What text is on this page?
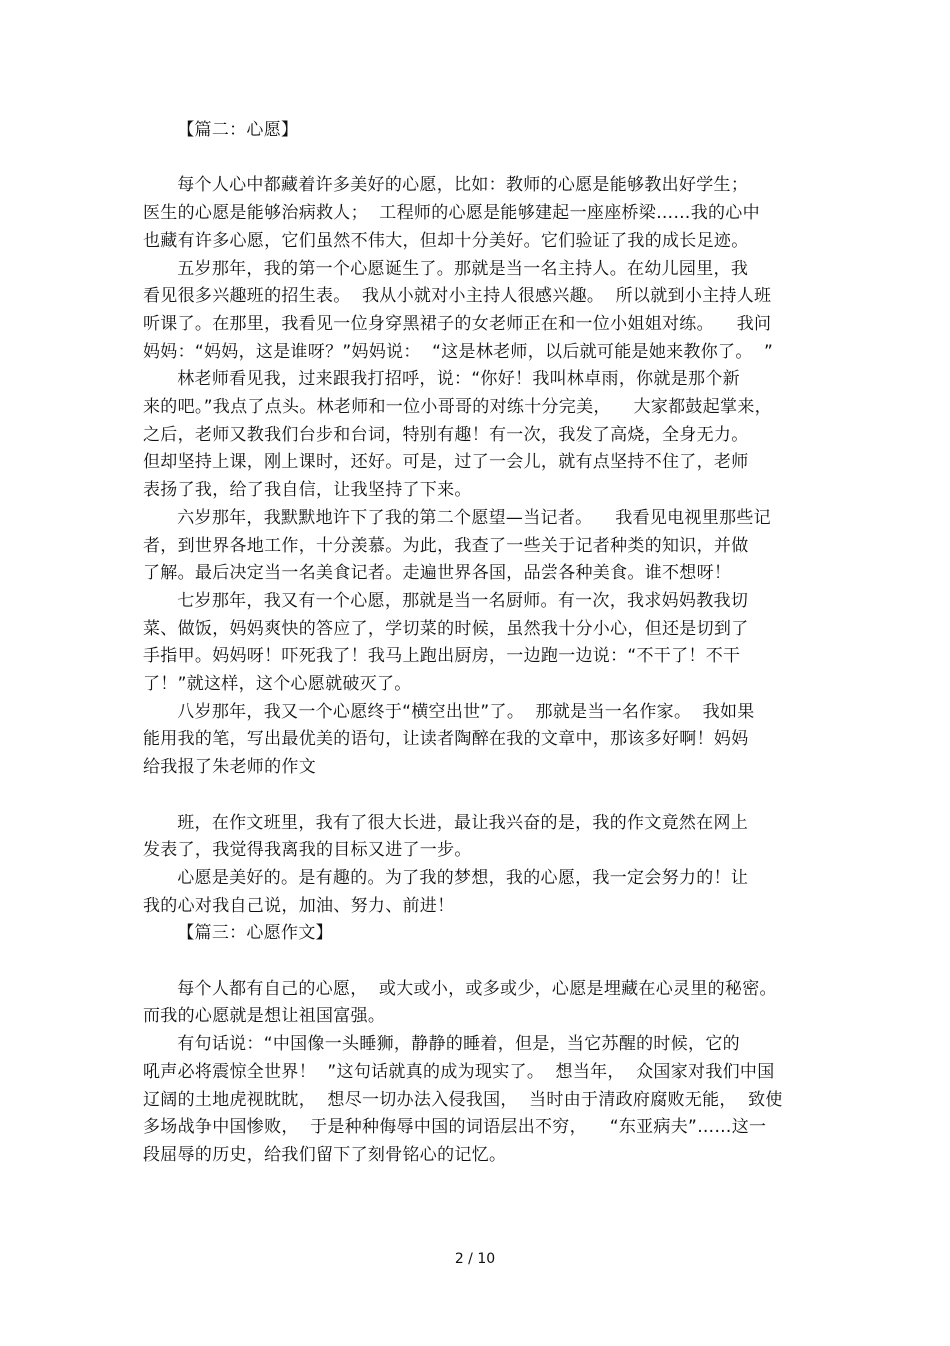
【篇二：心愿】
每个人心中都藏着许多美好的心愿，比如：教师的心愿是能够教出好学生；
医生的心愿是能够治病救人；  工程师的心愿是能够建起一座座桥梁……我的心中
也藏有许多心愿，它们虽然不伟大，但却十分美好。它们验证了我的成长足迹。
五岁那年，我的第一个心愿诞生了。那就是当一名主持人。在幼儿园里，我
看见很多兴趣班的招生表。  我从小就对小主持人很感兴趣。  所以就到小主持人班
听课了。在那里，我看见一位身穿黑裙子的女老师正在和一位小姐姐对练。    我问
妈妈：“妈妈，这是谁呀？”妈妈说：  “这是林老师，以后就可能是她来教你了。  ”
林老师看见我，过来跟我打招呼，说：“你好！我叫林卓雨，你就是那个新
来的吧。”我点了点头。林老师和一位小哥哥的对练十分完美，    大家都鼓起掌来，
之后，老师又教我们台步和台词，特别有趣！有一次，我发了高烧，全身无力。
但却坚持上课，刚上课时，还好。可是，过了一会儿，就有点坚持不住了，老师
表扬了我，给了我自信，让我坚持了下来。
六岁那年，我默默地许下了我的第二个愿望—当记者。    我看见电视里那些记
者，到世界各地工作，十分羡慕。为此，我查了一些关于记者种类的知识，并做
了解。最后决定当一名美食记者。走遍世界各国，品尝各种美食。谁不想呀！
七岁那年，我又有一个心愿，那就是当一名厨师。有一次，我求妈妈教我切
菜、做饭，妈妈爽快的答应了，学切菜的时候，虽然我十分小心，但还是切到了
手指甲。妈妈呀！吓死我了！我马上跑出厨房，一边跑一边说：“不干了！不干
了！”就这样，这个心愿就破灭了。
八岁那年，我又一个心愿终于“横空出世”了。  那就是当一名作家。  我如果
能用我的笔，写出最优美的语句，让读者陶醉在我的文章中，那该多好啊！妈妈
给我报了朱老师的作文
班，在作文班里，我有了很大长进，最让我兴奋的是，我的作文竟然在网上
发表了，我觉得我离我的目标又进了一步。
心愿是美好的。是有趣的。为了我的梦想，我的心愿，我一定会努力的！让
我的心对我自己说，加油、努力、前进！
【篇三：心愿作文】
每个人都有自己的心愿，  或大或小，或多或少，心愿是埋藏在心灵里的秘密。
而我的心愿就是想让祖国富强。
有句话说：“中国像一头睡狮，静静的睡着，但是，当它苏醒的时候，它的
吼声必将震惊全世界！  ”这句话就真的成为现实了。  想当年，  众国家对我们中国
辽阔的土地虎视眈眈，  想尽一切办法入侵我国，  当时由于清政府腐败无能，  致使
多场战争中国惨败，  于是种种侮辱中国的词语层出不穷，    “东亚病夫”……这一
段屈辱的历史，给我们留下了刻骨铭心的记忆。
2 / 10
